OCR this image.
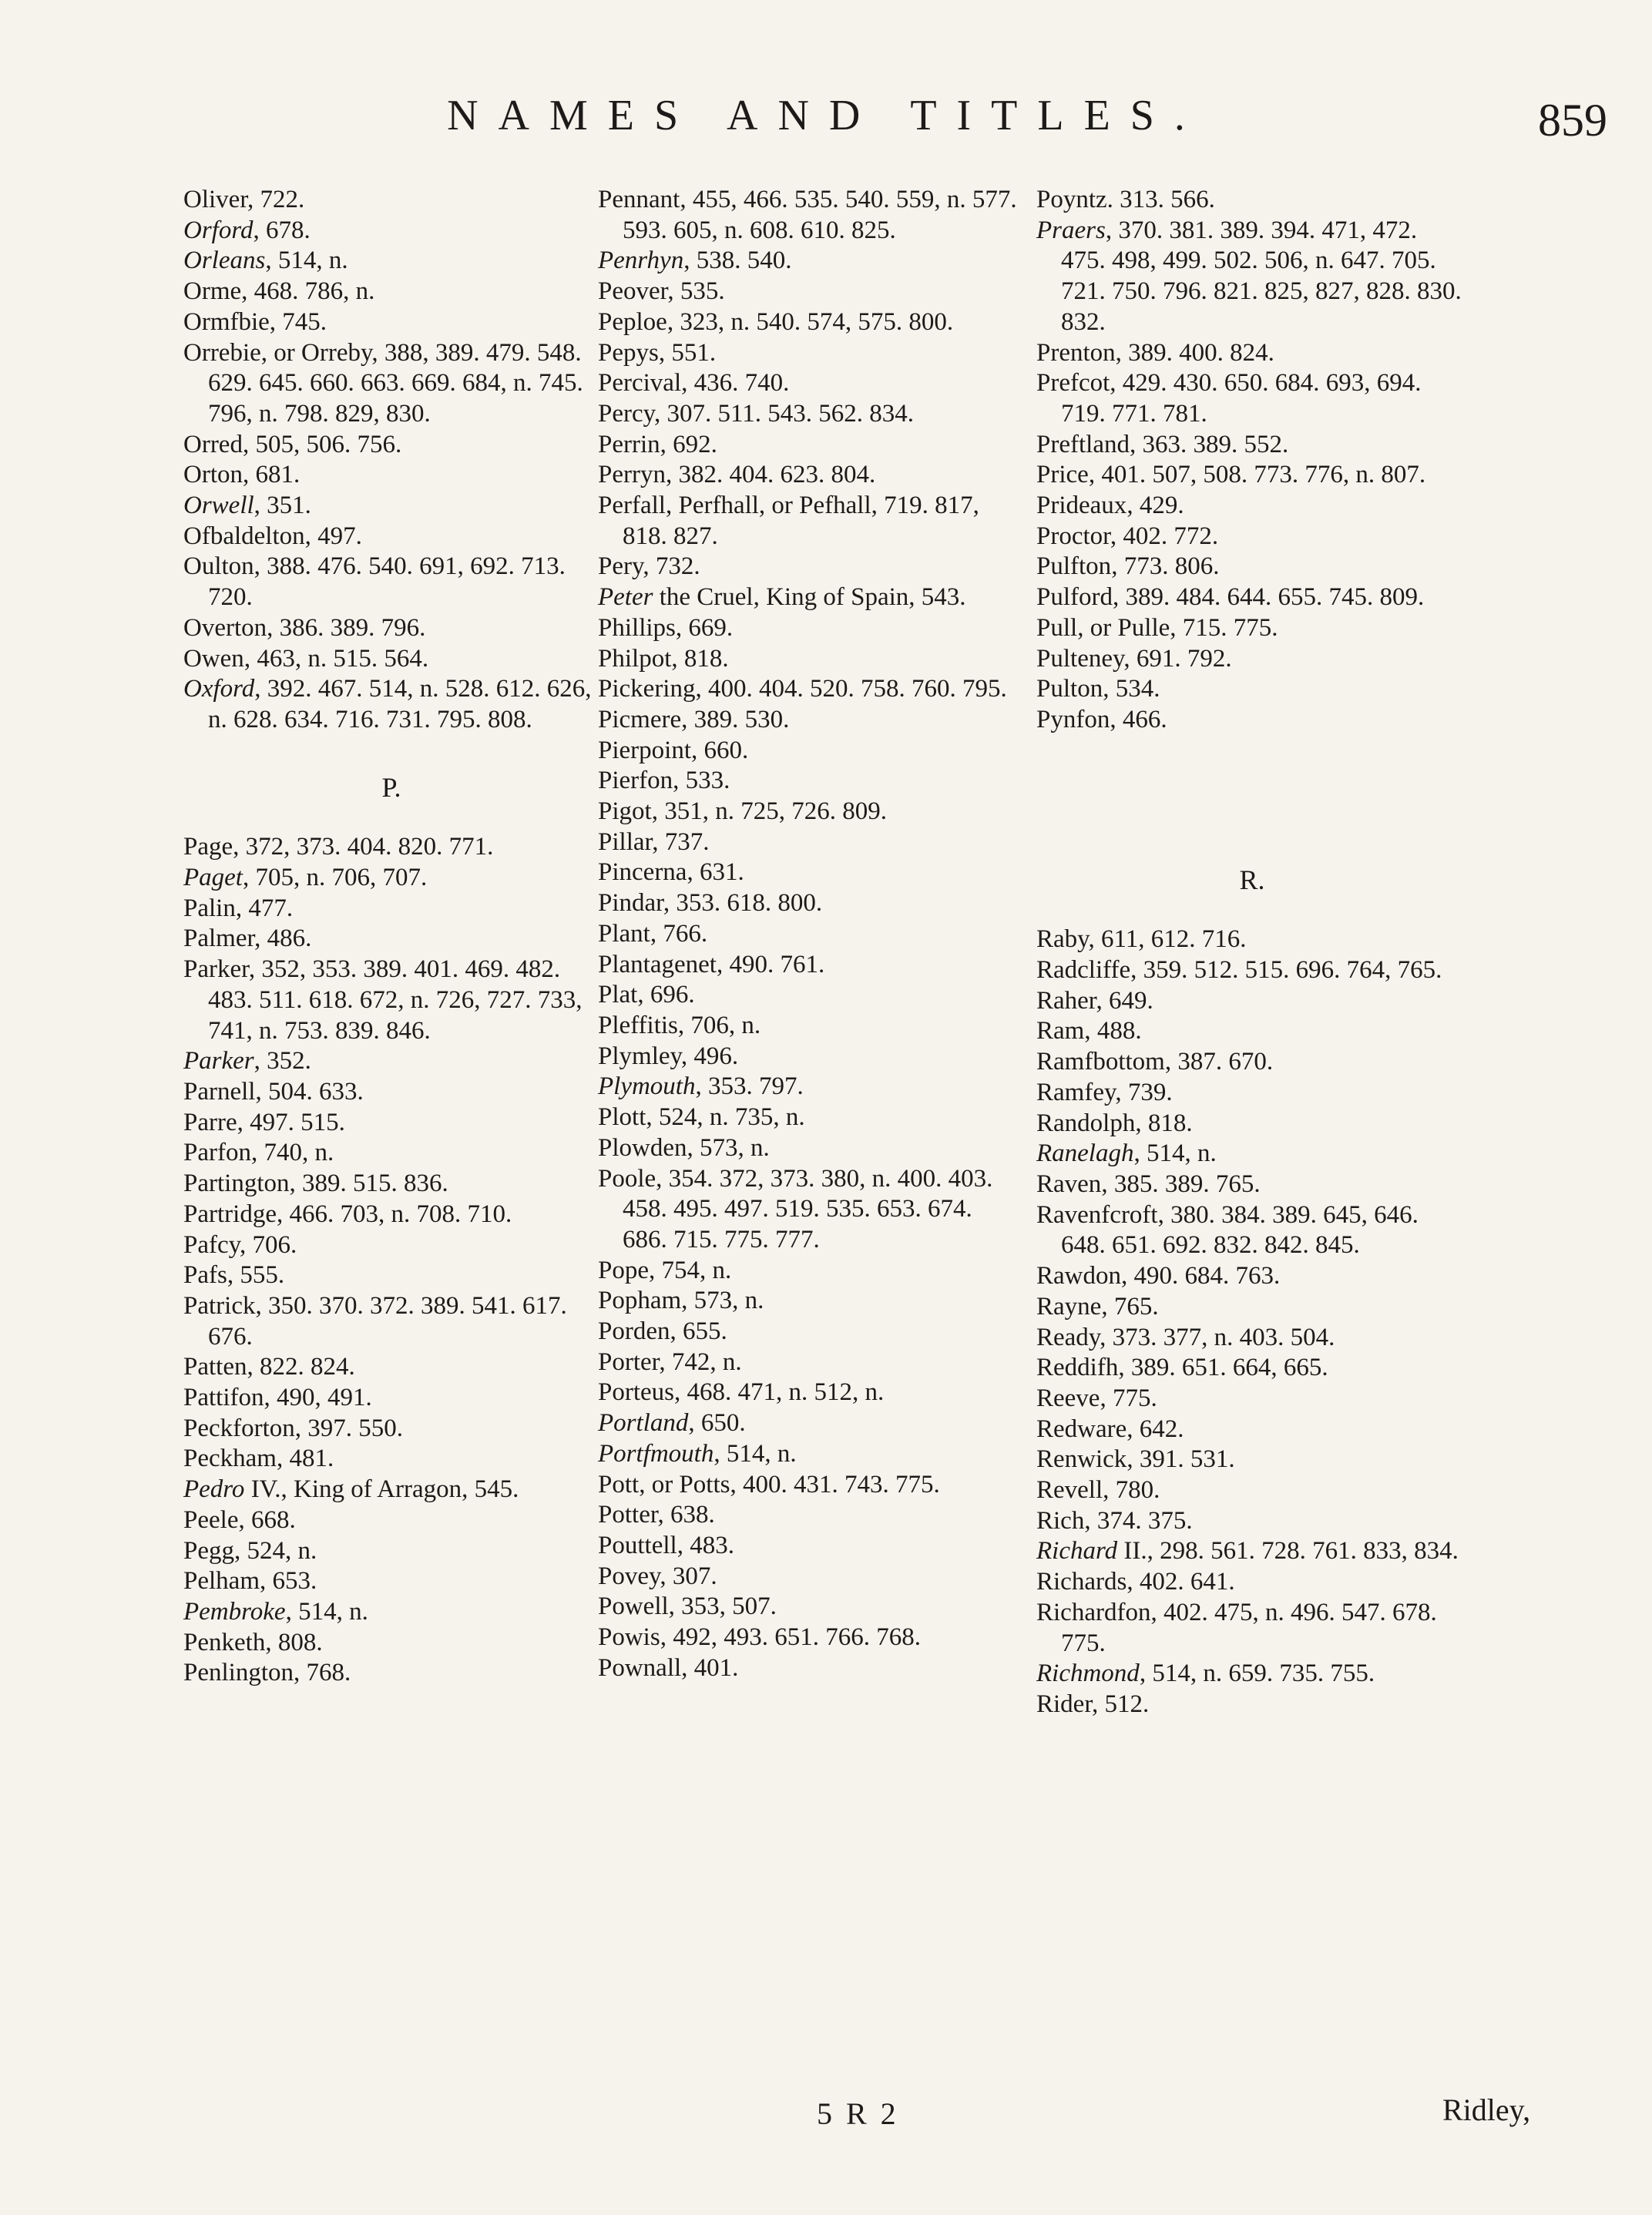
NAMES AND TITLES.	859

Oliver, 722.

Orford, 678.

Orleans, 514, n.

Orme, 468. 786, n.

Ormfbie, 745.

Orrebie, or Orreby, 388, 389. 479. 548. 629. 645. 660. 663. 669. 684, n. 745. 796, n. 798. 829, 830.

Orred, 505, 506. 756.

Orton, 681.

Orwell, 351.

Ofbaldelton, 497.

Oulton, 388. 476. 540. 691, 692. 713. 720.

Overton, 386. 389. 796.

Owen, 463, n. 515. 564.

Oxford, 392. 467. 514, n. 528. 612. 626, n. 628. 634. 716. 731. 795. 808.

P.

Page, 372, 373. 404. 820. 771.

Paget, 705, n. 706, 707.

Palin, 477.

Palmer, 486.

Parker, 352, 353. 389. 401. 469. 482. 483. 511. 618. 672, n. 726, 727. 733, 741, n. 753. 839. 846.

Parker, 352.

Parnell, 504. 633.

Parre, 497. 515.

Parfon, 740, n.

Partington, 389. 515. 836.

Partridge, 466. 703, n. 708. 710.

Pafcy, 706.

Pafs, 555.

Patrick, 350. 370. 372. 389. 541. 617. 676.

Patten, 822. 824.

Pattifon, 490, 491.

Peckforton, 397. 550.

Peckham, 481.

Pedro IV., King of Arragon, 545.

Peele, 668.

Pegg, 524, n.

Pelham, 653.

Pembroke, 514, n.

Penketh, 808.

Penlington, 768.

Pennant, 455, 466. 535. 540. 559, n. 577. 593. 605, n. 608. 610. 825.

Penrhyn, 538. 540.

Peover, 535.

Peploe, 323, n. 540. 574, 575. 800.

Pepys, 551.

Percival, 436. 740.

Percy, 307. 511. 543. 562. 834.

Perrin, 692.

Perryn, 382. 404. 623. 804.

Perfall, Perfhall, or Pefhall, 719. 817, 818. 827.

Pery, 732.

Peter the Cruel, King of Spain, 543.

Phillips, 669.

Philpot, 818.

Pickering, 400. 404. 520. 758. 760. 795.

Picmere, 389. 530.

Pierpoint, 660.

Pierfon, 533.

Pigot, 351, n. 725, 726. 809.

Pillar, 737.

Pincerna, 631.

Pindar, 353. 618. 800.

Plant, 766.

Plantagenet, 490. 761.

Plat, 696.

Pleffitis, 706, n.

Plymley, 496.

Plymouth, 353. 797.

Plott, 524, n. 735, n.

Plowden, 573, n.

Poole, 354. 372, 373. 380, n. 400. 403. 458. 495. 497. 519. 535. 653. 674. 686. 715. 775. 777.

Pope, 754, n.

Popham, 573, n.

Porden, 655.

Porter, 742, n.

Porteus, 468. 471, n. 512, n.

Portland, 650.

Portfmouth, 514, n.

Pott, or Potts, 400. 431. 743. 775.

Potter, 638.

Pouttell, 483.

Povey, 307.

Powell, 353, 507.

Powis, 492, 493. 651. 766. 768.

Pownall, 401.

Poyntz. 313. 566.

Praers, 370. 381. 389. 394. 471, 472. 475. 498, 499. 502. 506, n. 647. 705. 721. 750. 796. 821. 825, 827, 828. 830. 832.

Prenton, 389. 400. 824.

Prefcot, 429. 430. 650. 684. 693, 694. 719. 771. 781.

Preftland, 363. 389. 552.

Price, 401. 507, 508. 773. 776, n. 807.

Prideaux, 429.

Proctor, 402. 772.

Pulfton, 773. 806.

Pulford, 389. 484. 644. 655. 745. 809.

Pull, or Pulle, 715. 775.

Pulteney, 691. 792.

Pulton, 534.

Pynfon, 466.

R.

Raby, 611, 612. 716.

Radcliffe, 359. 512. 515. 696. 764, 765.

Raher, 649.

Ram, 488.

Ramfbottom, 387. 670.

Ramfey, 739.

Randolph, 818.

Ranelagh, 514, n.

Raven, 385. 389. 765.

Ravenfcroft, 380. 384. 389. 645, 646. 648. 651. 692. 832. 842. 845.

Rawdon, 490. 684. 763.

Rayne, 765.

Ready, 373. 377, n. 403. 504.

Reddifh, 389. 651. 664, 665.

Reeve, 775.

Redware, 642.

Renwick, 391. 531.

Revell, 780.

Rich, 374. 375.

Richard II., 298. 561. 728. 761. 833, 834.

Richards, 402. 641.

Richardfon, 402. 475, n. 496. 547. 678. 775.

Richmond, 514, n. 659. 735. 755.

Rider, 512.

5 R 2	Ridley,
